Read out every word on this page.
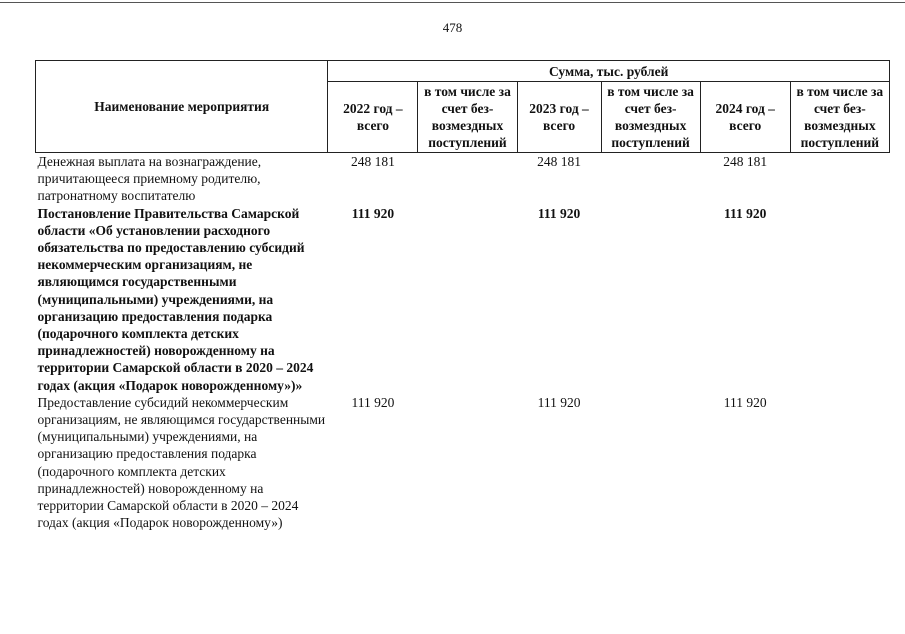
478
Наименование мероприятия	Сумма, тыс. рублей					
	2022 год – всего	в том числе за счет без-возмездных поступлений	2023 год – всего	в том числе за счет без-возмездных поступлений	2024 год – всего	в том числе за счет без-возмездных поступлений
Денежная выплата на вознаграждение, причитающееся приемному родителю, патронатному воспитателю	248 181		248 181		248 181	
Постановление Правительства Самарской области «Об установлении расходного обязательства по предоставлению субсидий некоммерческим организациям, не являющимся государственными (муниципальными) учреждениями, на организацию предоставления подарка (подарочного комплекта детских принадлежностей) новорожденному на территории Самарской области в 2020 – 2024 годах (акция «Подарок новорожденному»)»	111 920		111 920		111 920	
Предоставление субсидий некоммерческим организациям, не являющимся государственными (муниципальными) учреждениями, на организацию предоставления подарка (подарочного комплекта детских принадлежностей) новорожденному на территории Самарской области в 2020 – 2024 годах (акция «Подарок новорожденному»)	111 920		111 920		111 920	
